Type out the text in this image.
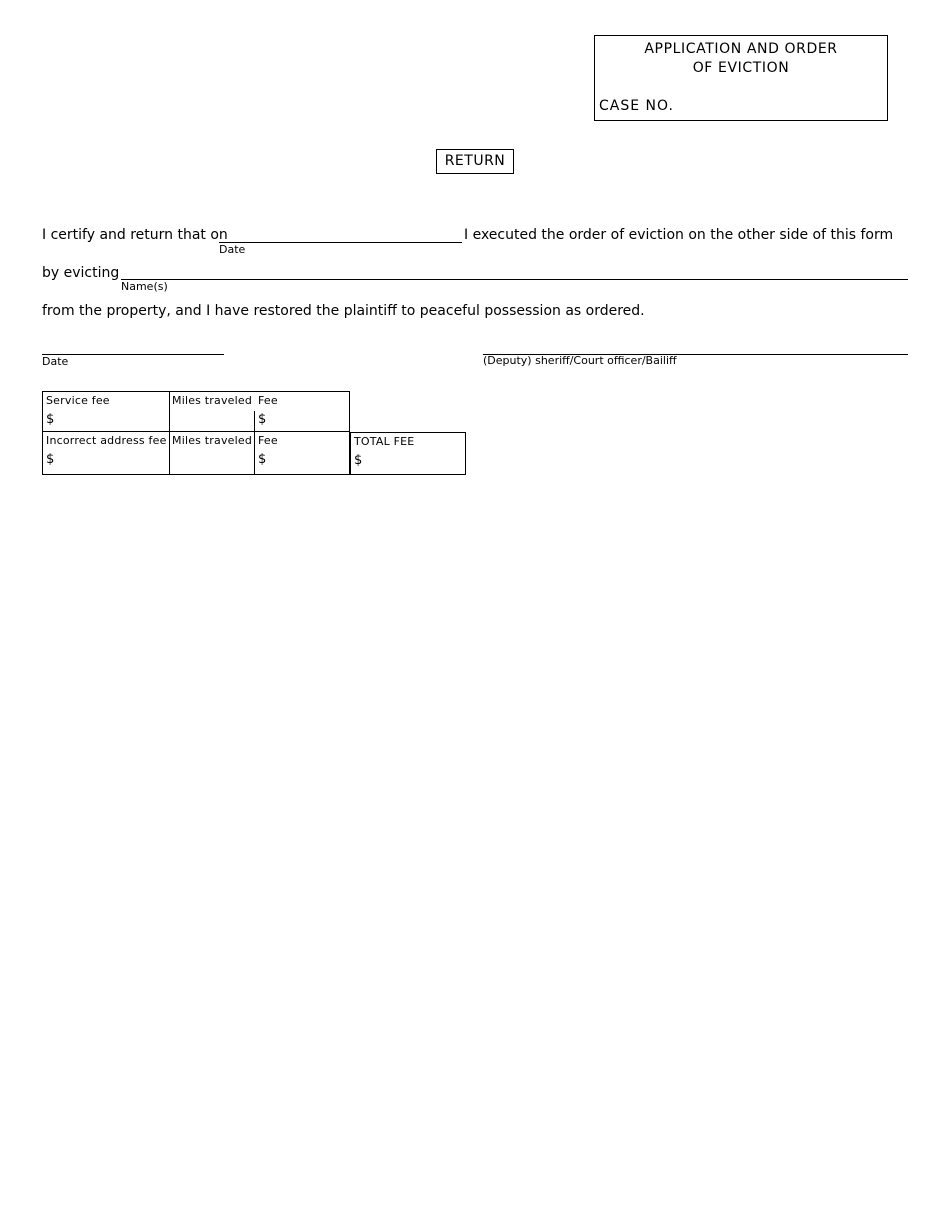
APPLICATION AND ORDER
OF EVICTION
CASE NO.
RETURN
I certify and return that on
Date
I executed the order of eviction on the other side of this form
by evicting
Name(s)
from the property, and I have restored the plaintiff to peaceful possession as ordered.
Date	(Deputy) sheriff/Court officer/Bailiff
Service fee
$
Miles traveled Fee
$
Incorrect address fee
$
Miles traveled Fee
$
TOTAL FEE
$
